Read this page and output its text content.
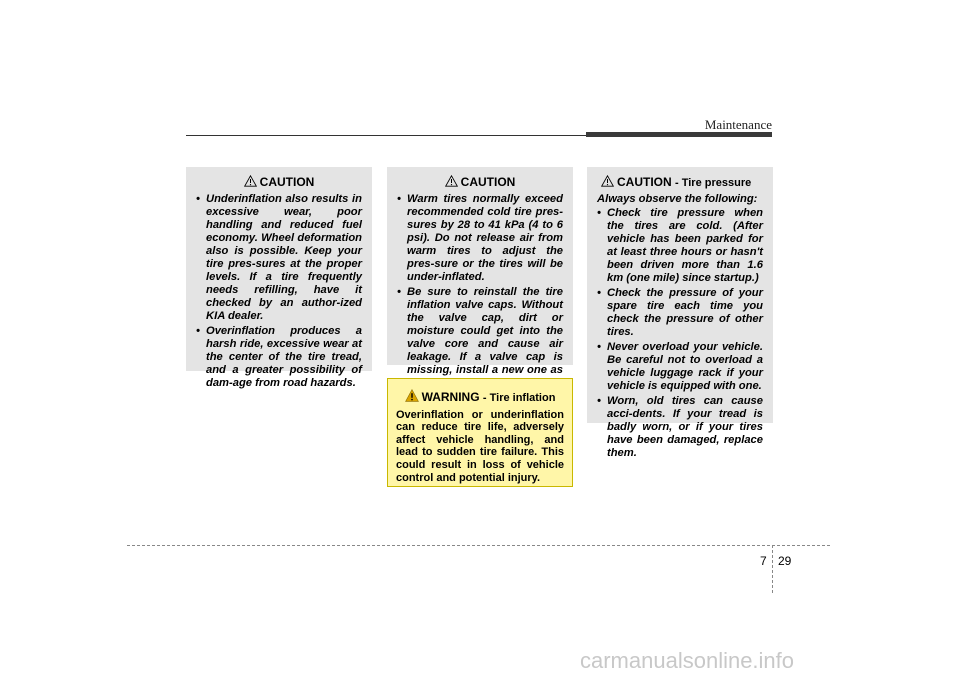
Maintenance
CAUTION
• Underinflation also results in excessive wear, poor handling and reduced fuel economy. Wheel deformation also is possible. Keep your tire pres-sures at the proper levels. If a tire frequently needs refilling, have it checked by an author-ized KIA dealer.
• Overinflation produces a harsh ride, excessive wear at the center of the tire tread, and a greater possibility of dam-age from road hazards.
CAUTION
• Warm tires normally exceed recommended cold tire pres-sures by 28 to 41 kPa (4 to 6 psi). Do not release air from warm tires to adjust the pres-sure or the tires will be under-inflated.
• Be sure to reinstall the tire inflation valve caps. Without the valve cap, dirt or moisture could get into the valve core and cause air leakage. If a valve cap is missing, install a new one as
WARNING - Tire inflation
Overinflation or underinflation can reduce tire life, adversely affect vehicle handling, and lead to sudden tire failure. This could result in loss of vehicle control and potential injury.
CAUTION - Tire pressure
Always observe the following:
• Check tire pressure when the tires are cold. (After vehicle has been parked for at least three hours or hasn't been driven more than 1.6 km (one mile) since startup.)
• Check the pressure of your spare tire each time you check the pressure of other tires.
• Never overload your vehicle. Be careful not to overload a vehicle luggage rack if your vehicle is equipped with one.
• Worn, old tires can cause acci-dents. If your tread is badly worn, or if your tires have been damaged, replace them.
7 29
carmanualsonline.info
